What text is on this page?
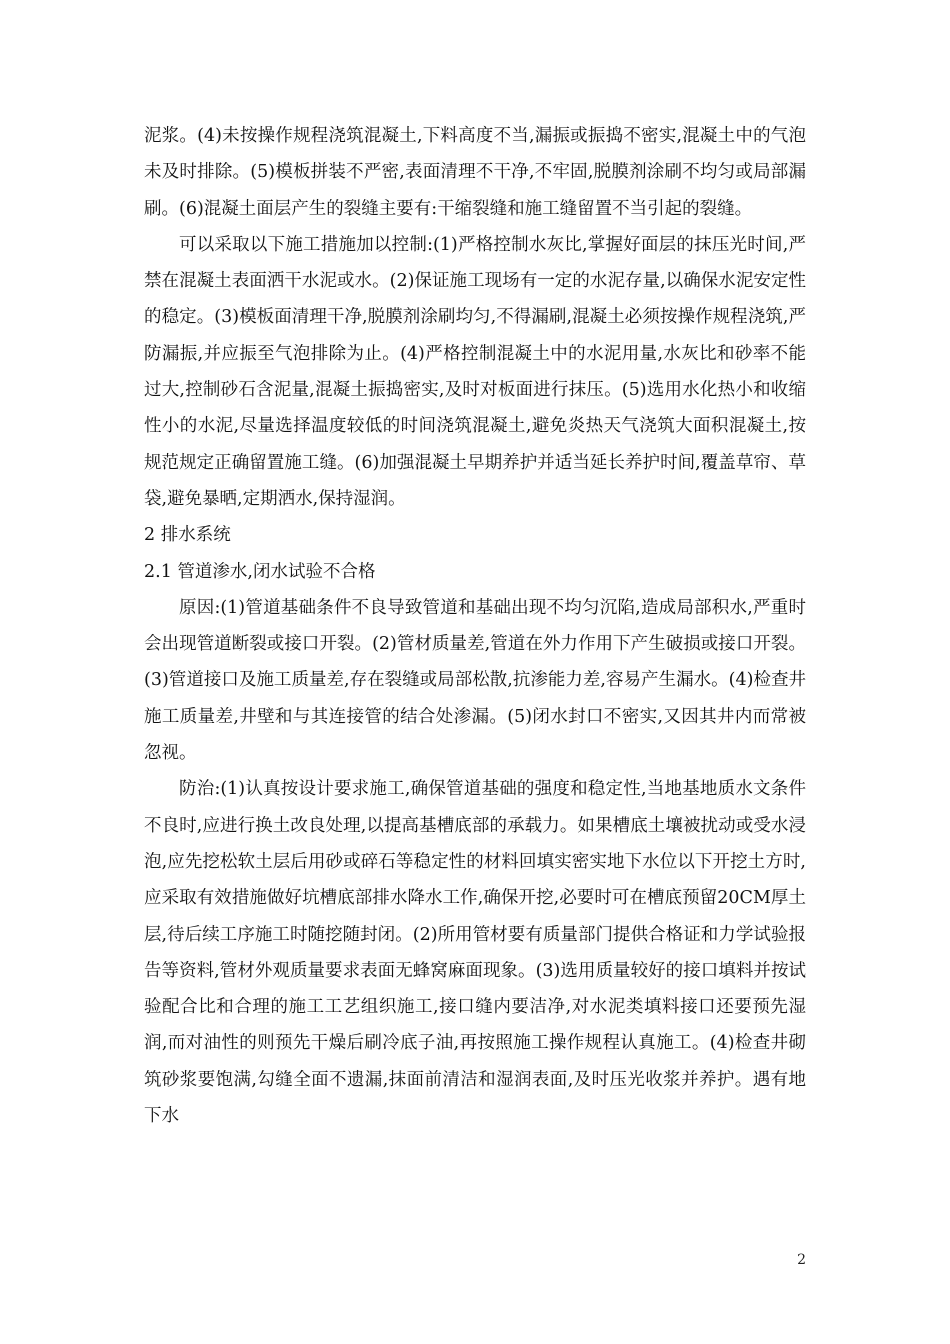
泥浆。(4)未按操作规程浇筑混凝土,下料高度不当,漏振或振捣不密实,混凝土中的气泡未及时排除。(5)模板拼装不严密,表面清理不干净,不牢固,脱膜剂涂刷不均匀或局部漏刷。(6)混凝土面层产生的裂缝主要有:干缩裂缝和施工缝留置不当引起的裂缝。

可以采取以下施工措施加以控制:(1)严格控制水灰比,掌握好面层的抹压光时间,严禁在混凝土表面洒干水泥或水。(2)保证施工现场有一定的水泥存量,以确保水泥安定性的稳定。(3)模板面清理干净,脱膜剂涂刷均匀,不得漏刷,混凝土必须按操作规程浇筑,严防漏振,并应振至气泡排除为止。(4)严格控制混凝土中的水泥用量,水灰比和砂率不能过大,控制砂石含泥量,混凝土振捣密实,及时对板面进行抹压。(5)选用水化热小和收缩性小的水泥,尽量选择温度较低的时间浇筑混凝土,避免炎热天气浇筑大面积混凝土,按规范规定正确留置施工缝。(6)加强混凝土早期养护并适当延长养护时间,覆盖草帘、草袋,避免暴晒,定期洒水,保持湿润。

2 排水系统

2.1 管道渗水,闭水试验不合格

原因:(1)管道基础条件不良导致管道和基础出现不均匀沉陷,造成局部积水,严重时会出现管道断裂或接口开裂。(2)管材质量差,管道在外力作用下产生破损或接口开裂。(3)管道接口及施工质量差,存在裂缝或局部松散,抗渗能力差,容易产生漏水。(4)检查井施工质量差,井壁和与其连接管的结合处渗漏。(5)闭水封口不密实,又因其井内而常被忽视。

防治:(1)认真按设计要求施工,确保管道基础的强度和稳定性,当地基地质水文条件不良时,应进行换土改良处理,以提高基槽底部的承载力。如果槽底土壤被扰动或受水浸泡,应先挖松软土层后用砂或碎石等稳定性的材料回填实密实地下水位以下开挖土方时,应采取有效措施做好坑槽底部排水降水工作,确保开挖,必要时可在槽底预留20CM厚土层,待后续工序施工时随挖随封闭。(2)所用管材要有质量部门提供合格证和力学试验报告等资料,管材外观质量要求表面无蜂窝麻面现象。(3)选用质量较好的接口填料并按试验配合比和合理的施工工艺组织施工,接口缝内要洁净,对水泥类填料接口还要预先湿润,而对油性的则预先干燥后刷冷底子油,再按照施工操作规程认真施工。(4)检查井砌筑砂浆要饱满,勾缝全面不遗漏,抹面前清洁和湿润表面,及时压光收浆并养护。遇有地下水

2
